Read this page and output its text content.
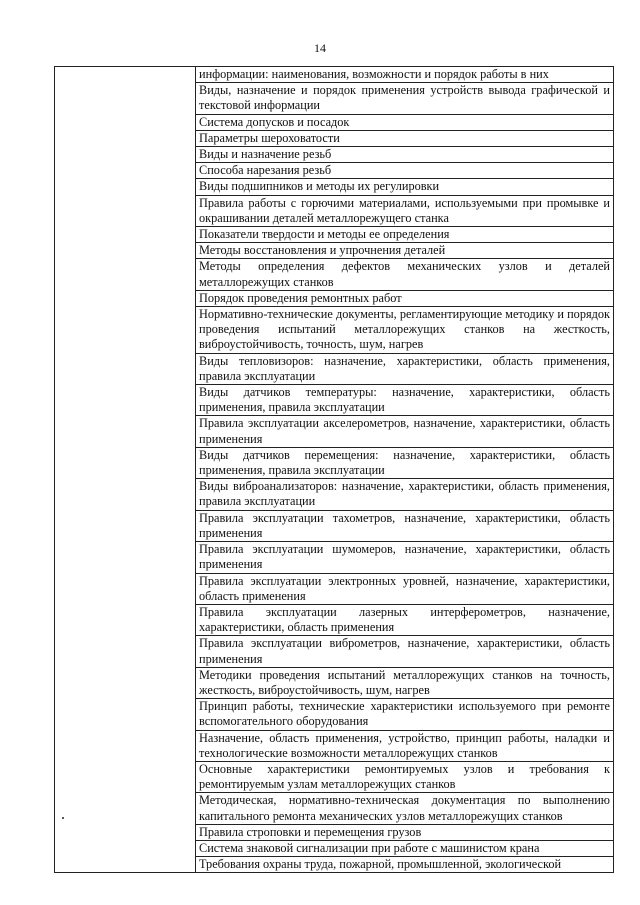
14
	информации: наименования, возможности и порядок работы в них
Виды, назначение и порядок применения устройств вывода графической и текстовой информации
Система допусков и посадок
Параметры шероховатости
Виды и назначение резьб
Способа нарезания резьб
Виды подшипников и методы их регулировки
Правила работы с горючими материалами, используемыми при промывке и окрашивании деталей металлорежущего станка
Показатели твердости и методы ее определения
Методы восстановления и упрочнения деталей
Методы определения дефектов механических узлов и деталей металлорежущих станков
Порядок проведения ремонтных работ
Нормативно-технические документы, регламентирующие методику и порядок проведения испытаний металлорежущих станков на жесткость, виброустойчивость, точность, шум, нагрев
Виды тепловизоров: назначение, характеристики, область применения, правила эксплуатации
Виды датчиков температуры: назначение, характеристики, область применения, правила эксплуатации
Правила эксплуатации акселерометров, назначение, характеристики, область применения
Виды датчиков перемещения: назначение, характеристики, область применения, правила эксплуатации
Виды виброанализаторов: назначение, характеристики, область применения, правила эксплуатации
Правила эксплуатации тахометров, назначение, характеристики, область применения
Правила эксплуатации шумомеров, назначение, характеристики, область применения
Правила эксплуатации электронных уровней, назначение, характеристики, область применения
Правила эксплуатации лазерных интерферометров, назначение, характеристики, область применения
Правила эксплуатации виброметров, назначение, характеристики, область применения
Методики проведения испытаний металлорежущих станков на точность, жесткость, виброустойчивость, шум, нагрев
Принцип работы, технические характеристики используемого при ремонте вспомогательного оборудования
Назначение, область применения, устройство, принцип работы, наладки и технологические возможности металлорежущих станков
Основные характеристики ремонтируемых узлов и требования к ремонтируемым узлам металлорежущих станков
Методическая, нормативно-техническая документация по выполнению капитального ремонта механических узлов металлорежущих станков
Правила строповки и перемещения грузов
Система знаковой сигнализации при работе с машинистом крана
Требования охраны труда, пожарной, промышленной, экологической
